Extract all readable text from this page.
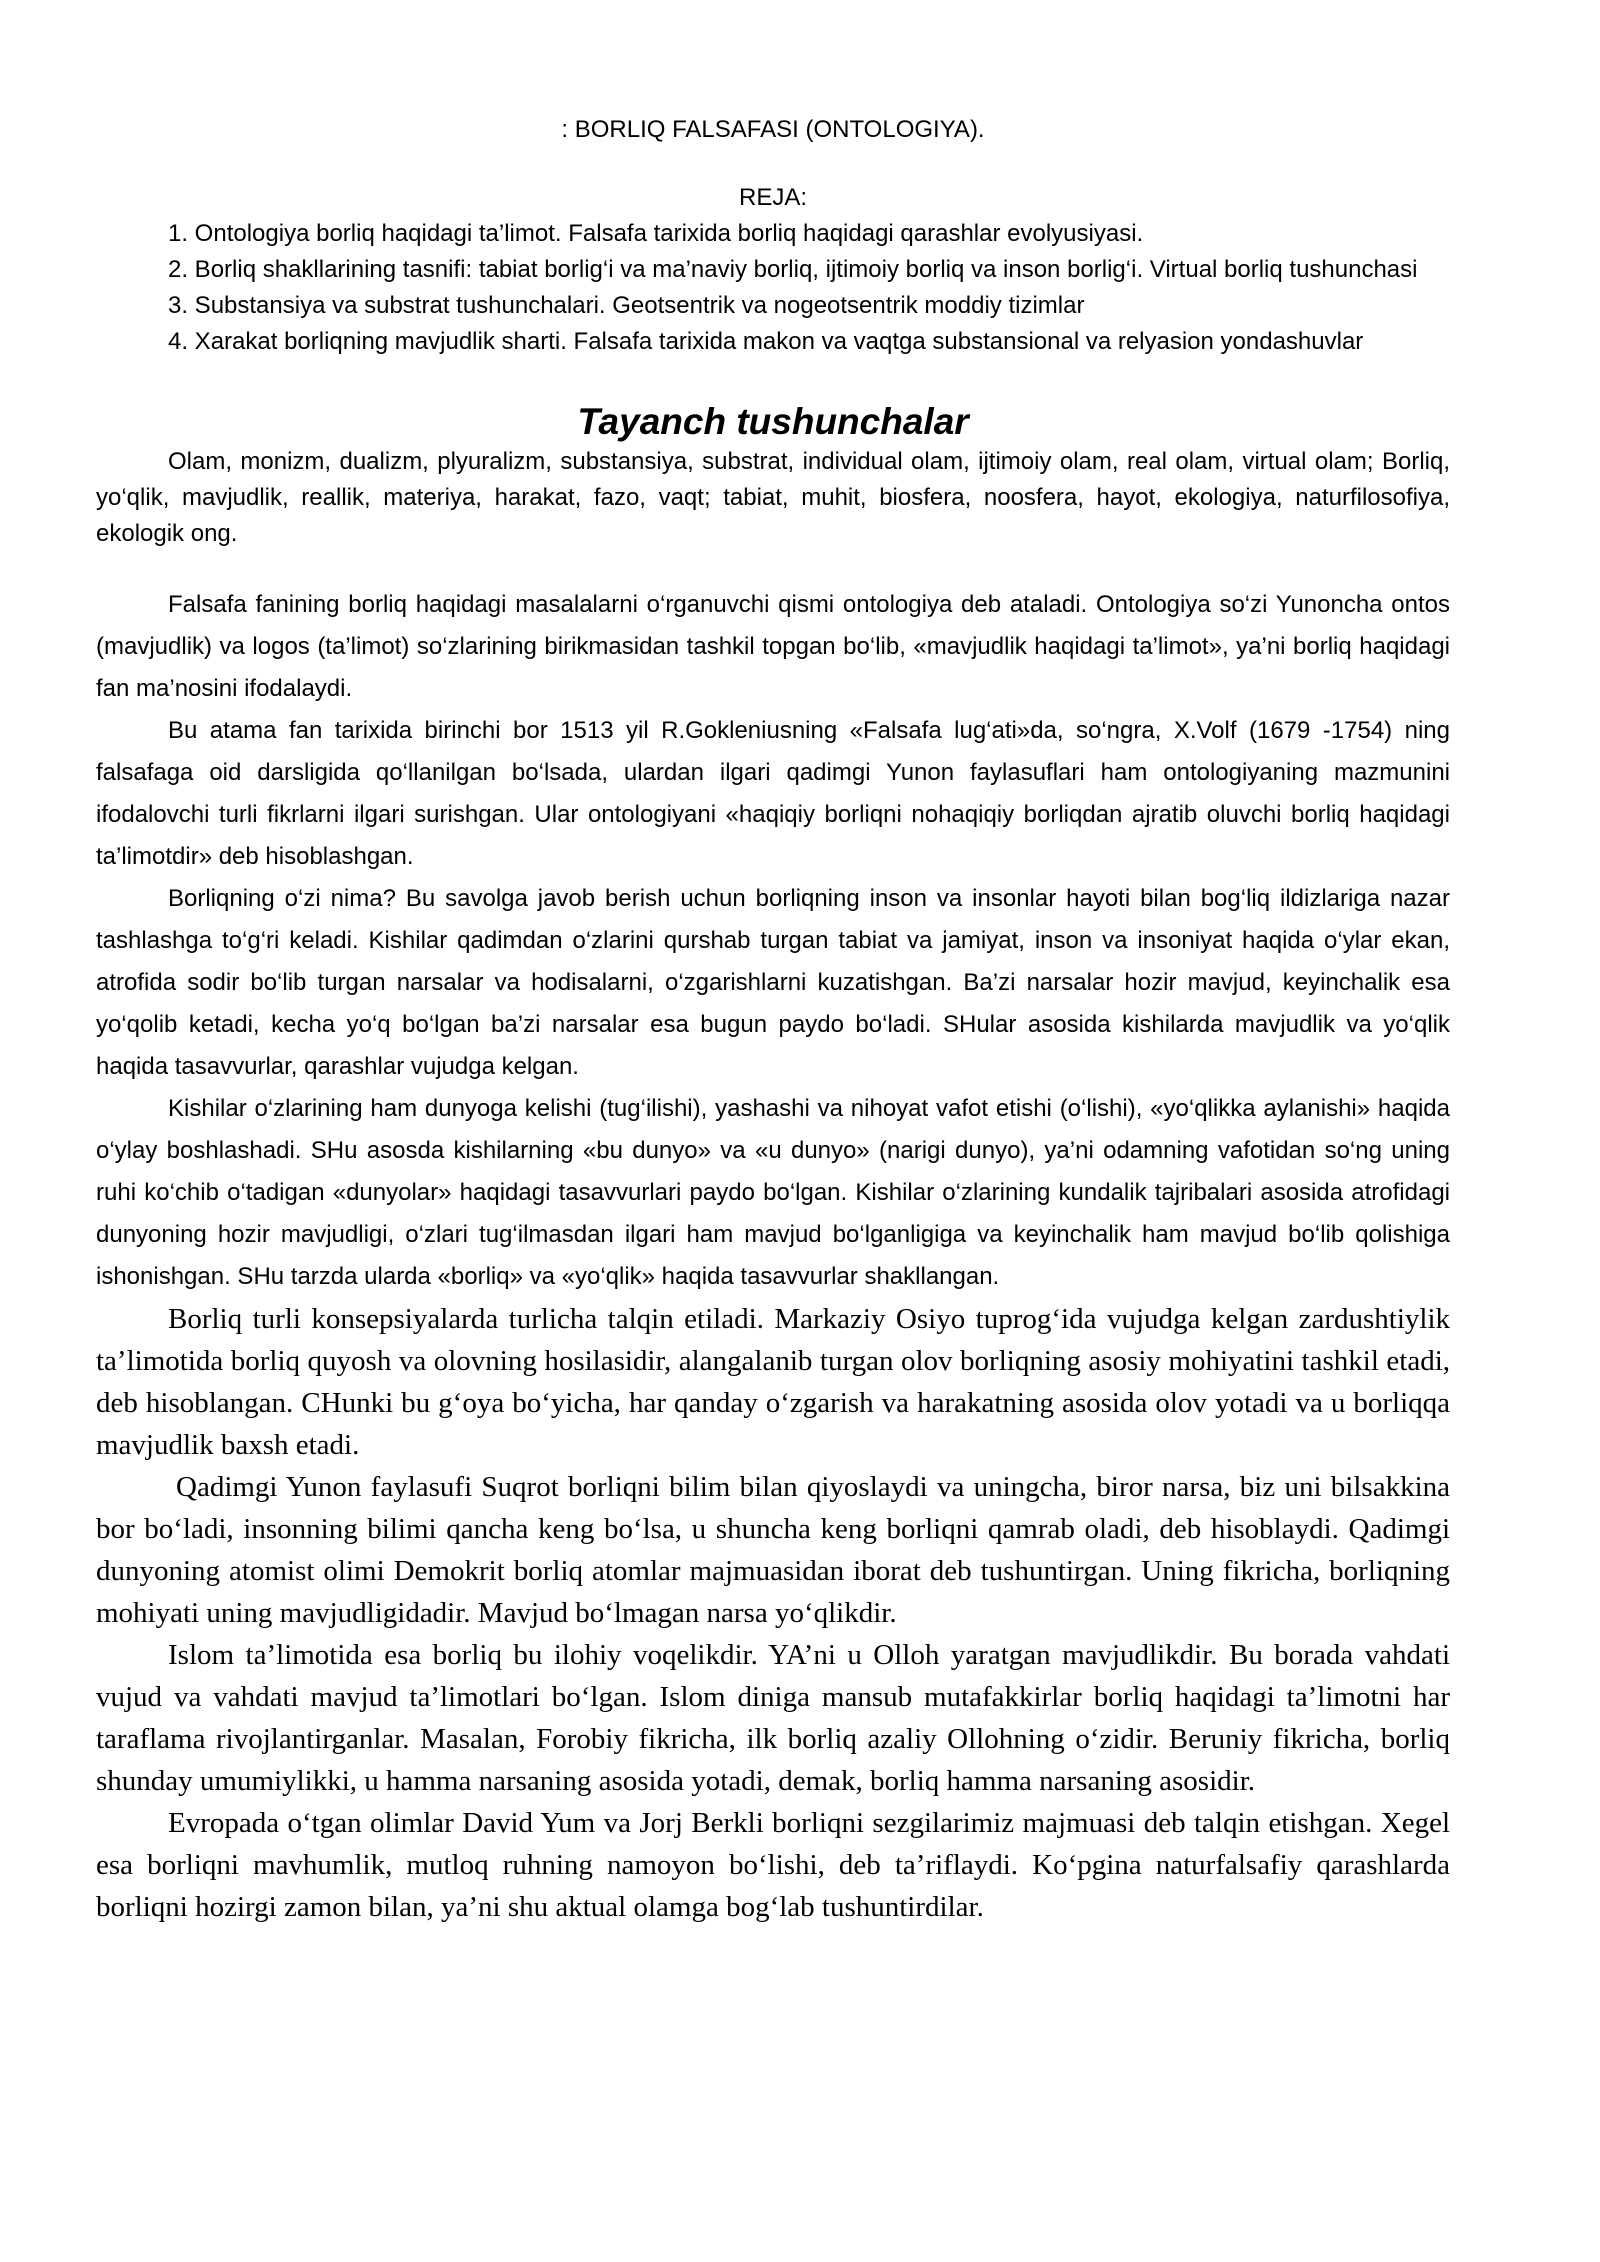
: BORLIQ FALSAFASI (ONTOLOGIYA).

REJA:

1. Ontologiya borliq haqidagi ta’limot. Falsafa tarixida borliq haqidagi qarashlar evolyusiyasi.

2. Borliq shakllarining tasnifi: tabiat borlig‘i va ma’naviy borliq, ijtimoiy borliq va inson borlig‘i. Virtual borliq tushunchasi

3. Substansiya va substrat tushunchalari. Geotsentrik va nogeotsentrik moddiy tizimlar

4. Xarakat borliqning mavjudlik sharti. Falsafa tarixida makon va vaqtga substansional va relyasion yondashuvlar

Tayanch tushunchalar

Olam, monizm, dualizm, plyuralizm, substansiya, substrat, individual olam, ijtimoiy olam, real olam, virtual olam; Borliq, yo‘qlik, mavjudlik, reallik, materiya, harakat, fazo, vaqt; tabiat, muhit, biosfera, noosfera, hayot, ekologiya, naturfilosofiya, ekologik ong.

Falsafa fanining borliq haqidagi masalalarni o‘rganuvchi qismi ontologiya deb ataladi. Ontologiya so‘zi Yunoncha ontos (mavjudlik) va logos (ta’limot) so‘zlarining birikmasidan tashkil topgan bo‘lib, «mavjudlik haqidagi ta’limot», ya’ni borliq haqidagi fan ma’nosini ifodalaydi.

Bu atama fan tarixida birinchi bor 1513 yil R.Gokleniusning «Falsafa lug‘ati»da, so‘ngra, X.Volf (1679 -1754) ning falsafaga oid darsligida qo‘llanilgan bo‘lsada, ulardan ilgari qadimgi Yunon faylasuflari ham ontologiyaning mazmunini ifodalovchi turli fikrlarni ilgari surishgan. Ular ontologiyani «haqiqiy borliqni nohaqiqiy borliqdan ajratib oluvchi borliq haqidagi ta’limotdir» deb hisoblashgan.

Borliqning o‘zi nima? Bu savolga javob berish uchun borliqning inson va insonlar hayoti bilan bog‘liq ildizlariga nazar tashlashga to‘g‘ri keladi. Kishilar qadimdan o‘zlarini qurshab turgan tabiat va jamiyat, inson va insoniyat haqida o‘ylar ekan, atrofida sodir bo‘lib turgan narsalar va hodisalarni, o‘zgarishlarni kuzatishgan. Ba’zi narsalar hozir mavjud, keyinchalik esa yo‘qolib ketadi, kecha yo‘q bo‘lgan ba’zi narsalar esa bugun paydo bo‘ladi. SHular asosida kishilarda mavjudlik va yo‘qlik haqida tasavvurlar, qarashlar vujudga kelgan.

Kishilar o‘zlarining ham dunyoga kelishi (tug‘ilishi), yashashi va nihoyat vafot etishi (o‘lishi), «yo‘qlikka aylanishi» haqida o‘ylay boshlashadi. SHu asosda kishilarning «bu dunyo» va «u dunyo» (narigi dunyo), ya’ni odamning vafotidan so‘ng uning ruhi ko‘chib o‘tadigan «dunyolar» haqidagi tasavvurlari paydo bo‘lgan. Kishilar o‘zlarining kundalik tajribalari asosida atrofidagi dunyoning hozir mavjudligi, o‘zlari tug‘ilmasdan ilgari ham mavjud bo‘lganligiga va keyinchalik ham mavjud bo‘lib qolishiga ishonishgan. SHu tarzda ularda «borliq» va «yo‘qlik» haqida tasavvurlar shakllangan.

Borliq turli konsepsiyalarda turlicha talqin etiladi. Markaziy Osiyo tuprog‘ida vujudga kelgan zardushtiylik ta’limotida borliq quyosh va olovning hosilasidir, alangalanib turgan olov borliqning asosiy mohiyatini tashkil etadi, deb hisoblangan. CHunki bu g‘oya bo‘yicha, har qanday o‘zgarish va harakatning asosida olov yotadi va u borliqqa mavjudlik baxsh etadi.

Qadimgi Yunon faylasufi Suqrot borliqni bilim bilan qiyoslaydi va uningcha, biror narsa, biz uni bilsakkina bor bo‘ladi, insonning bilimi qancha keng bo‘lsa, u shuncha keng borliqni qamrab oladi, deb hisoblaydi. Qadimgi dunyoning atomist olimi Demokrit borliq atomlar majmuasidan iborat deb tushuntirgan. Uning fikricha, borliqning mohiyati uning mavjudligidadir. Mavjud bo‘lmagan narsa yo‘qlikdir.

Islom ta’limotida esa borliq bu ilohiy voqelikdir. YA’ni u Olloh yaratgan mavjudlikdir. Bu borada vahdati vujud va vahdati mavjud ta’limotlari bo‘lgan. Islom diniga mansub mutafakkirlar borliq haqidagi ta’limotni har taraflama rivojlantirganlar. Masalan, Forobiy fikricha, ilk borliq azaliy Ollohning o‘zidir. Beruniy fikricha, borliq shunday umumiylikki, u hamma narsaning asosida yotadi, demak, borliq hamma narsaning asosidir.

Evropada o‘tgan olimlar David Yum va Jorj Berkli borliqni sezgilarimiz majmuasi deb talqin etishgan. Xegel esa borliqni mavhumlik, mutloq ruhning namoyon bo‘lishi, deb ta’riflaydi. Ko‘pgina naturfalsafiy qarashlarda borliqni hozirgi zamon bilan, ya’ni shu aktual olamga bog‘lab tushuntirdilar.
